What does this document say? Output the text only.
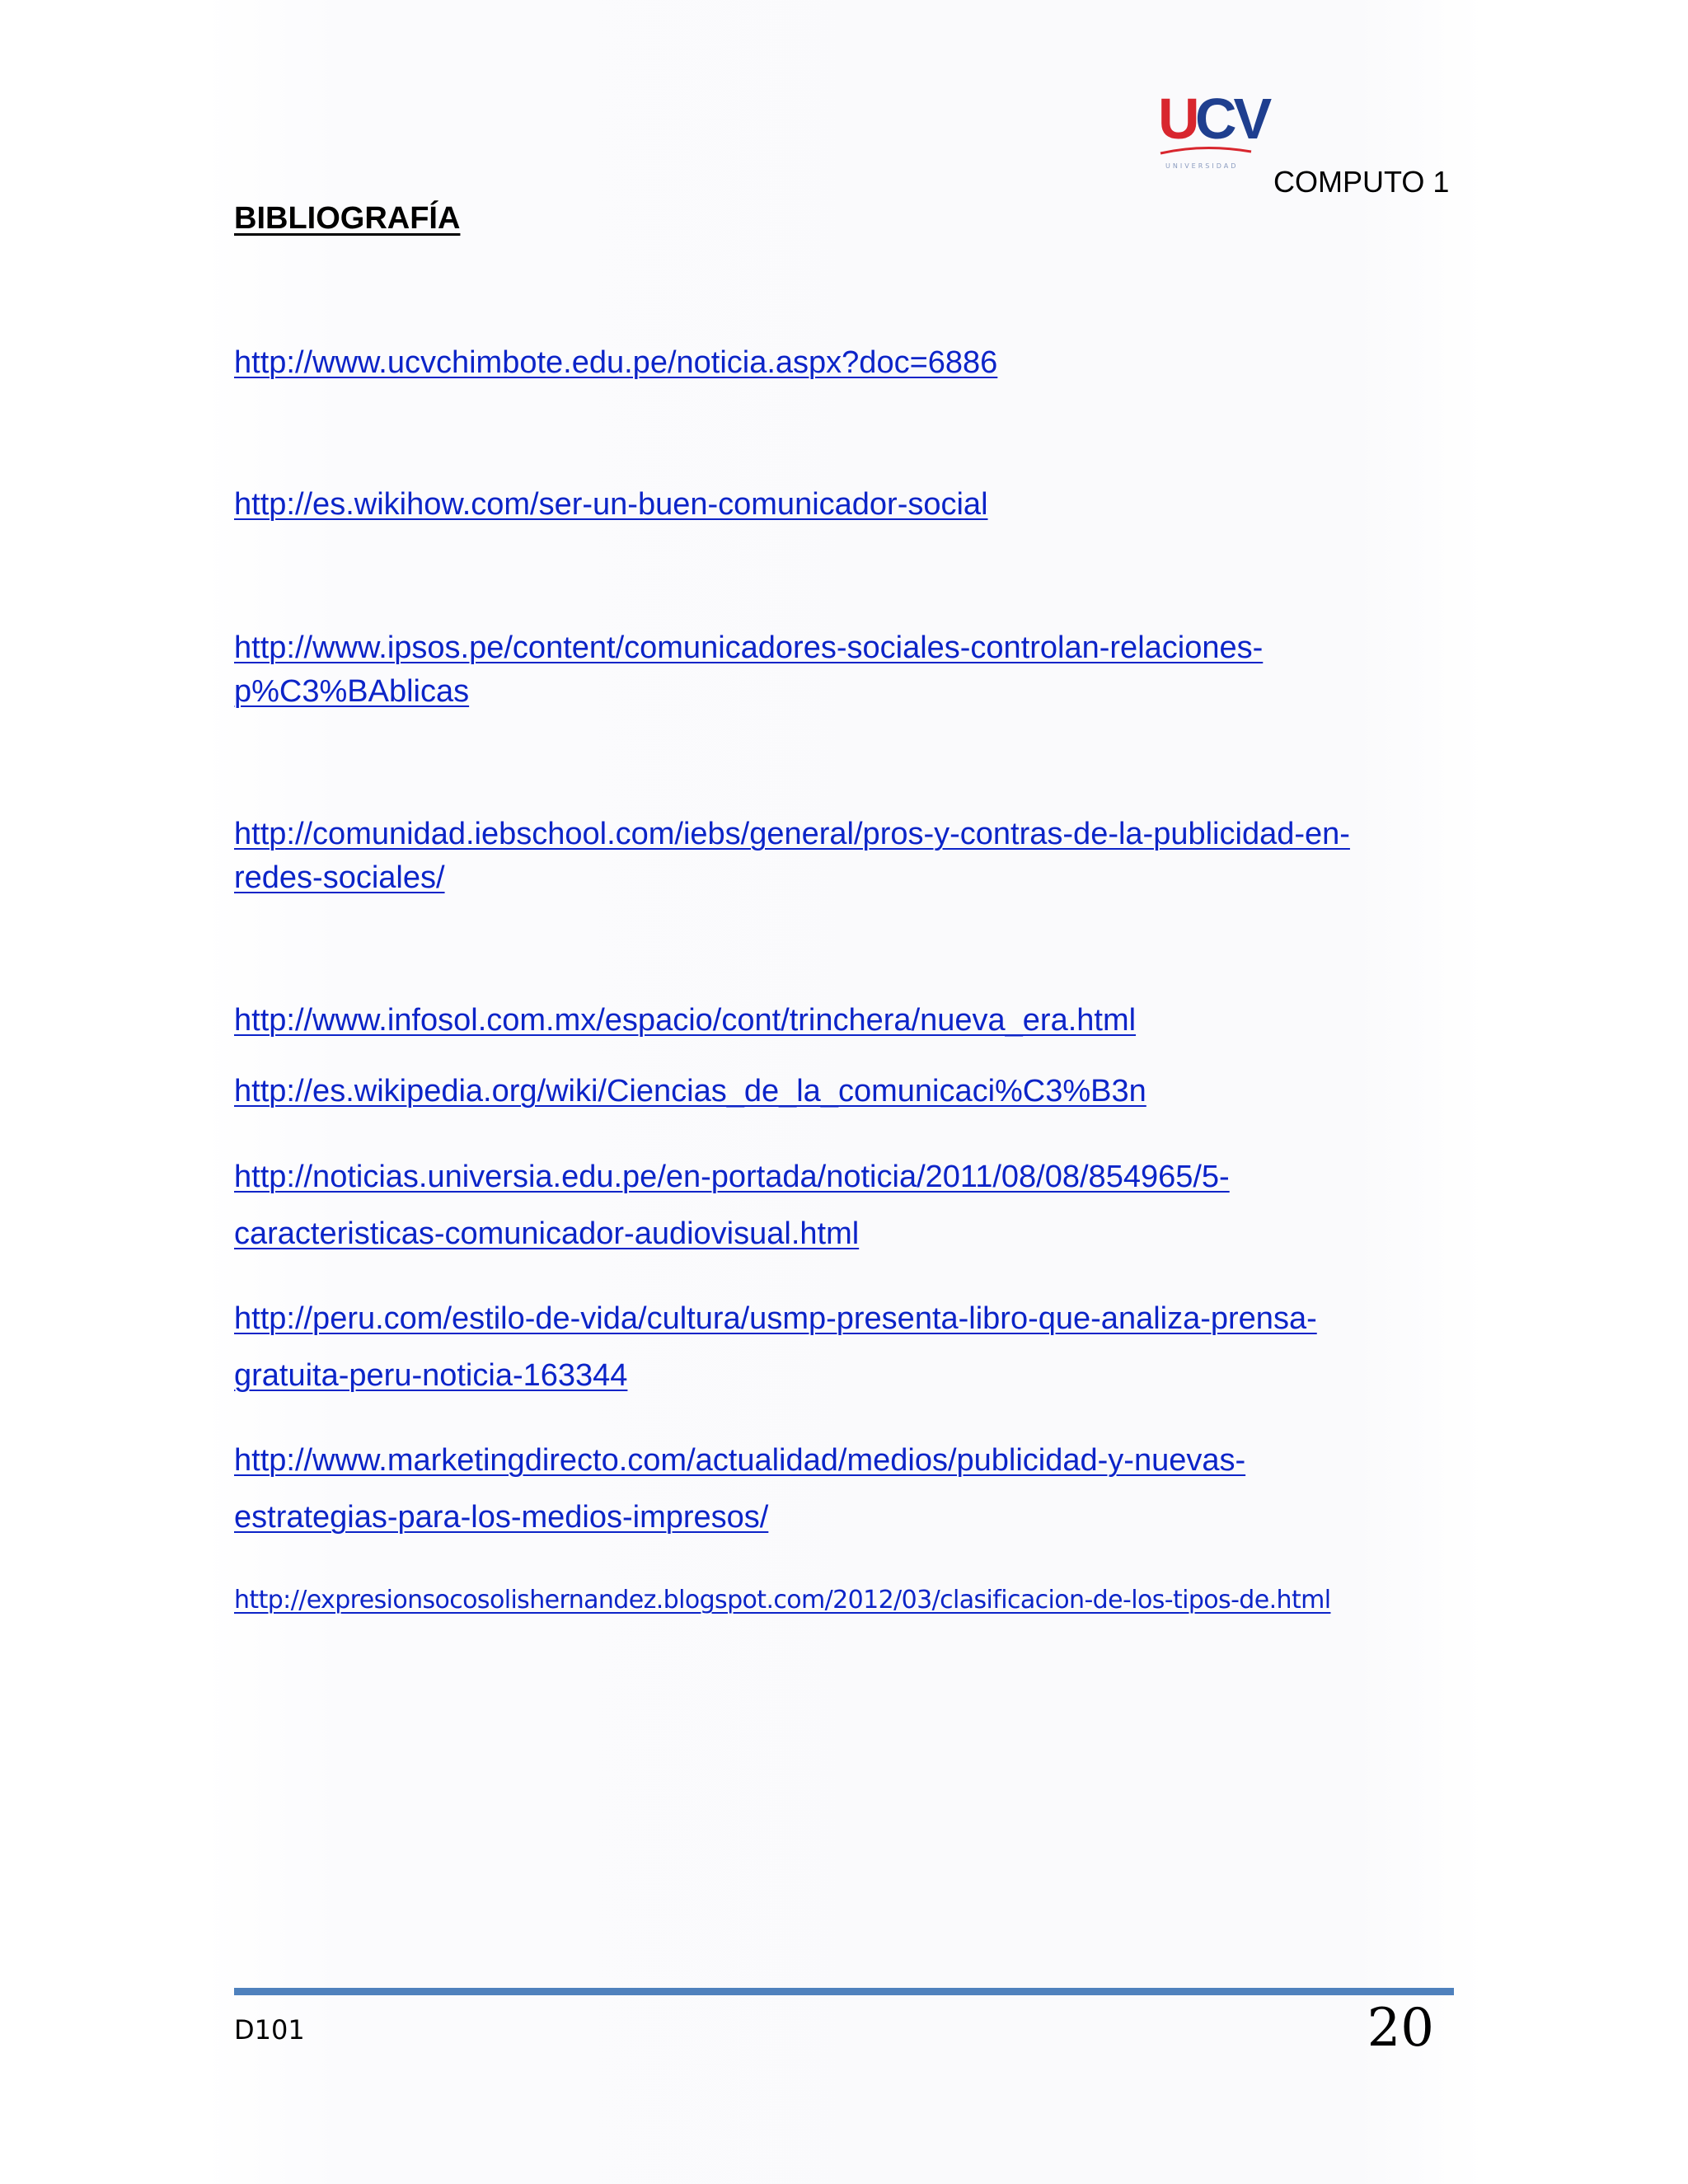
U
CV
UNIVERSIDAD COMPUTO 1
BIBLIOGRAFÍA
http://www.ucvchimbote.edu.pe/noticia.aspx?doc=6886
http://es.wikihow.com/ser-un-buen-comunicador-social
http://www.ipsos.pe/content/comunicadores-sociales-controlan-relaciones-
p%C3%BAblicas
http://comunidad.iebschool.com/iebs/general/pros-y-contras-de-la-publicidad-en-
redes-sociales/
http://www.infosol.com.mx/espacio/cont/trinchera/nueva_era.html
http://es.wikipedia.org/wiki/Ciencias_de_la_comunicaci%C3%B3n
http://noticias.universia.edu.pe/en-portada/noticia/2011/08/08/854965/5-
caracteristicas-comunicador-audiovisual.html
http://peru.com/estilo-de-vida/cultura/usmp-presenta-libro-que-analiza-prensa-
gratuita-peru-noticia-163344
http://www.marketingdirecto.com/actualidad/medios/publicidad-y-nuevas-
estrategias-para-los-medios-impresos/
http://expresionsocosolishernandez.blogspot.com/2012/03/clasificacion-de-los-tipos-de.html
D101	20
